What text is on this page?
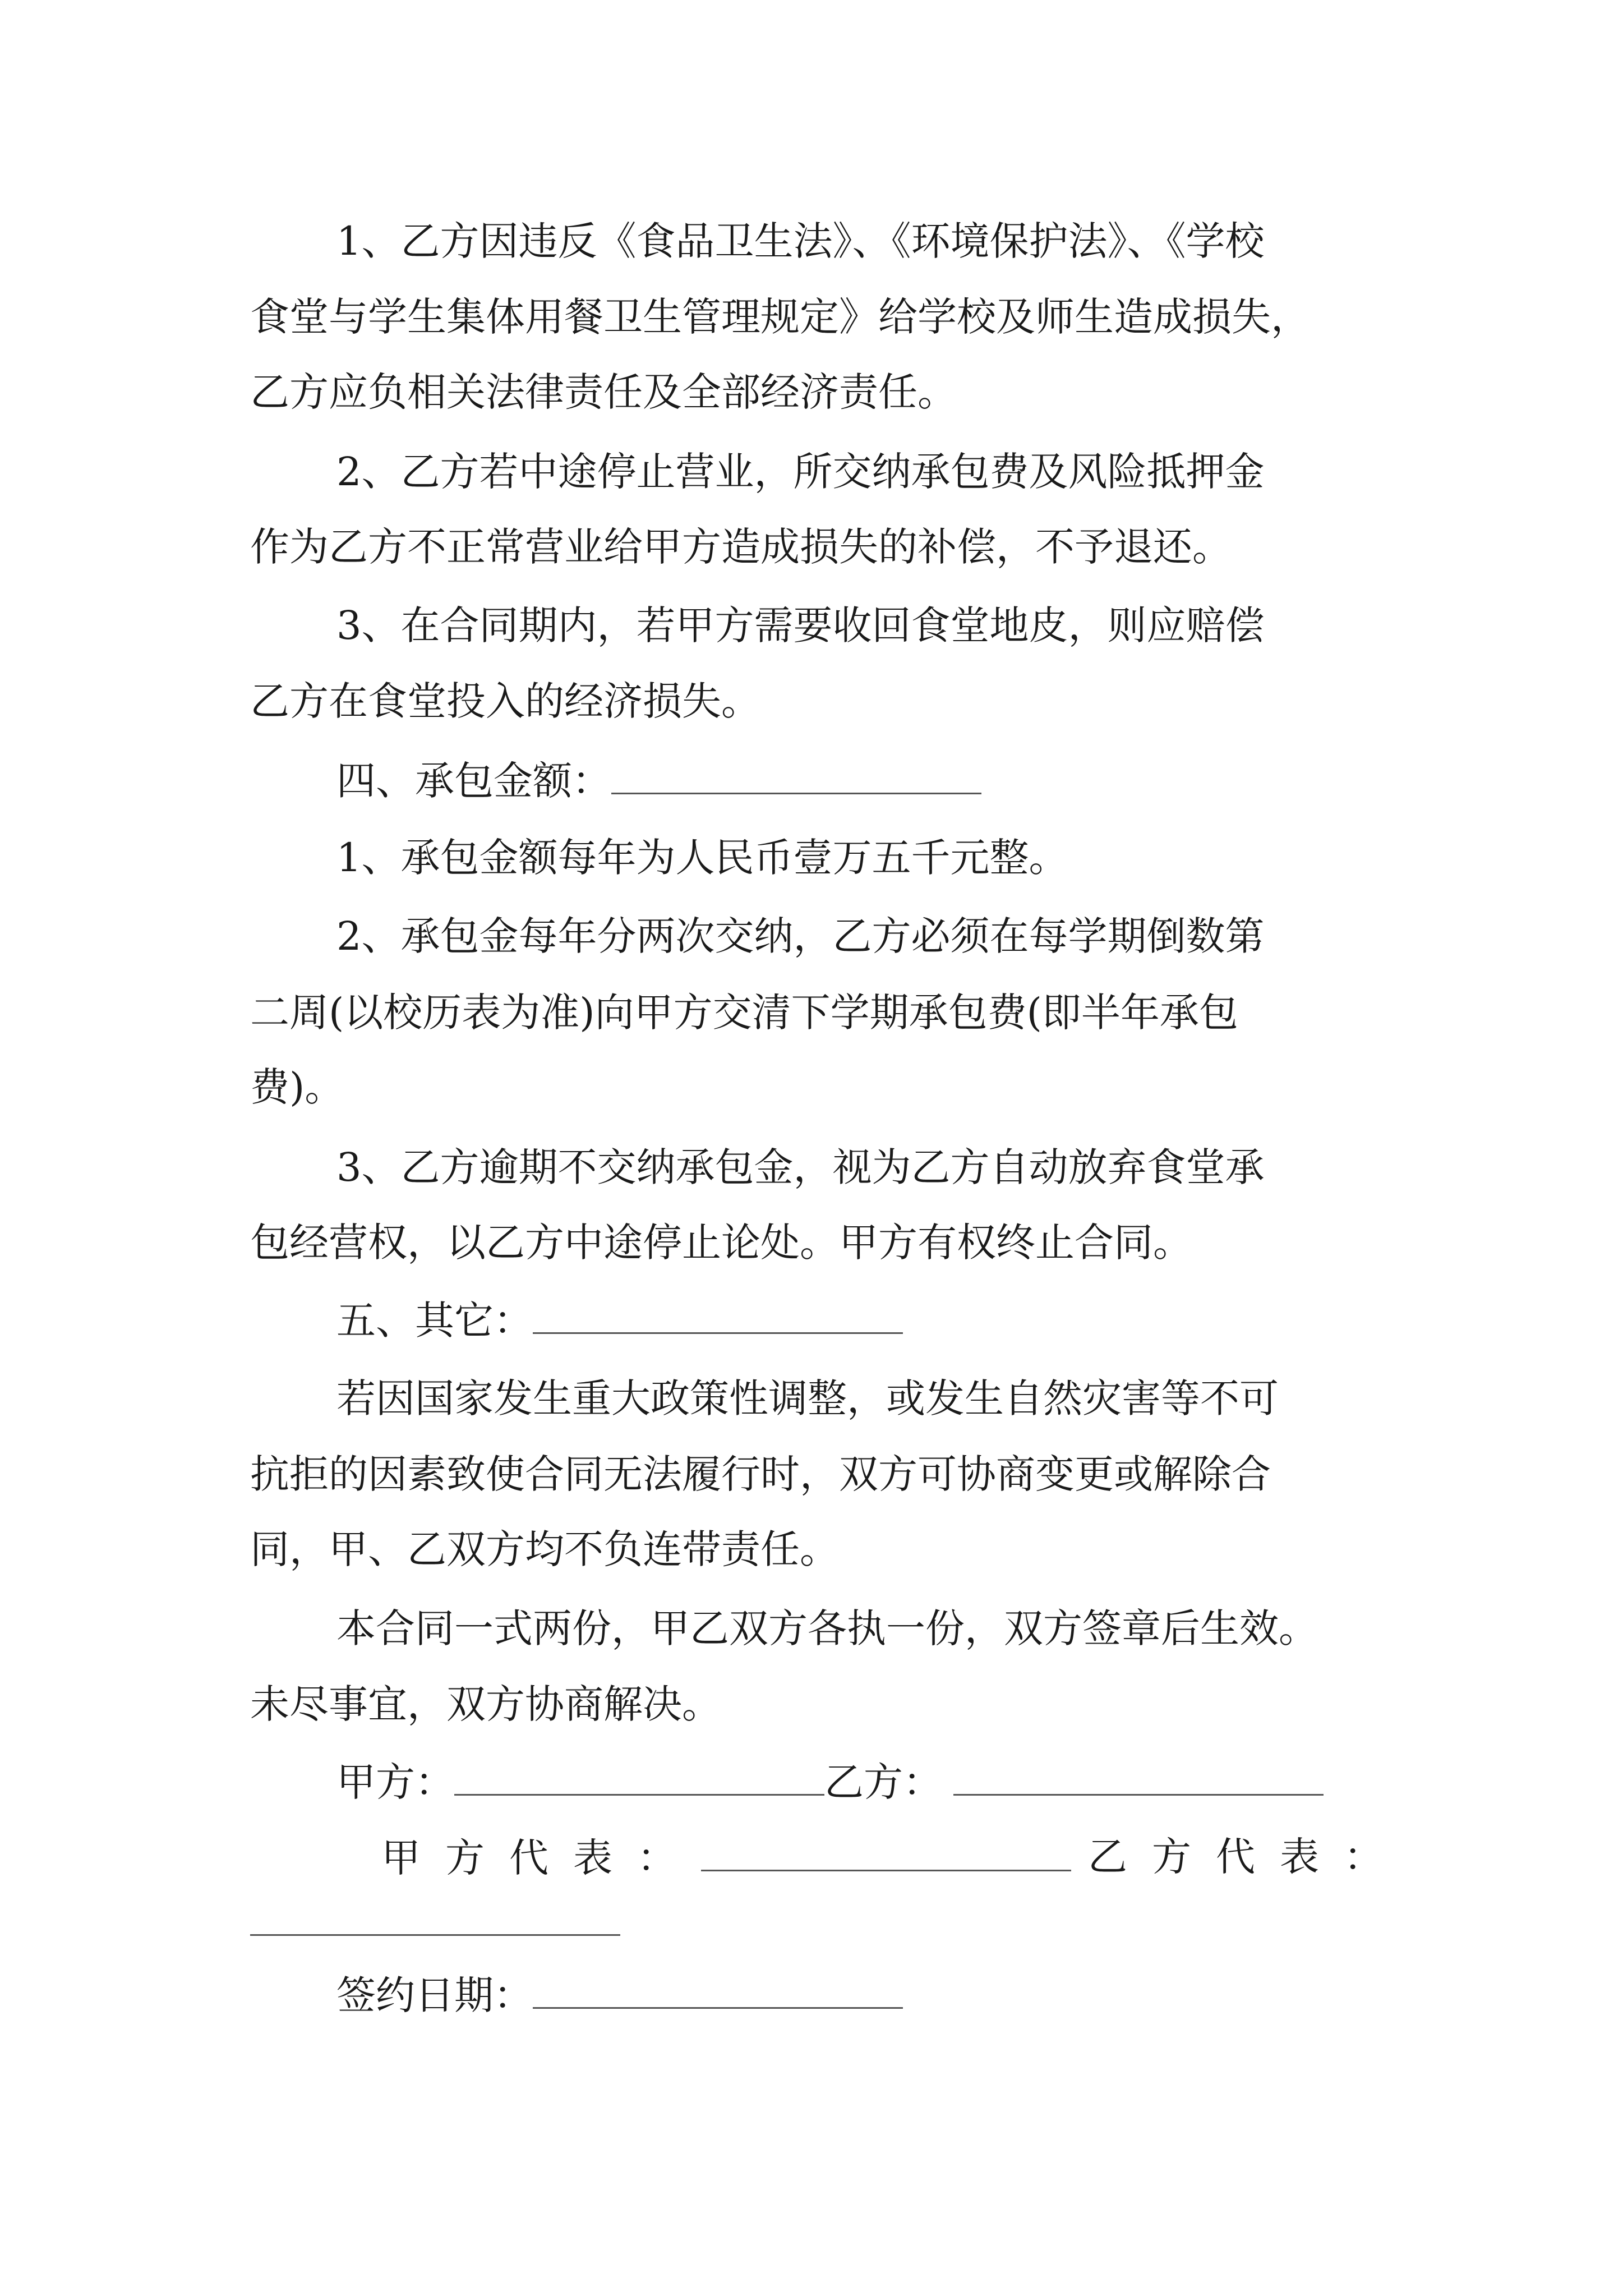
1、乙方因违反《食品卫生法》、《环境保护法》、《学校
食堂与学生集体用餐卫生管理规定》给学校及师生造成损失，
乙方应负相关法律责任及全部经济责任。
2、乙方若中途停止营业，所交纳承包费及风险抵押金
作为乙方不正常营业给甲方造成损失的补偿，不予退还。
3、在合同期内，若甲方需要收回食堂地皮，则应赔偿
乙方在食堂投入的经济损失。
四、承包金额：
1、承包金额每年为人民币壹万五千元整。
2、承包金每年分两次交纳，乙方必须在每学期倒数第
二周(以校历表为准)向甲方交清下学期承包费(即半年承包
费)。
3、乙方逾期不交纳承包金，视为乙方自动放弃食堂承
包经营权，以乙方中途停止论处。甲方有权终止合同。
五、其它：
若因国家发生重大政策性调整，或发生自然灾害等不可
抗拒的因素致使合同无法履行时，双方可协商变更或解除合
同，甲、乙双方均不负连带责任。
本合同一式两份，甲乙双方各执一份，双方签章后生效。
未尽事宜，双方协商解决。
甲方：	乙方：
甲方代表：	乙方代表：
签约日期：
